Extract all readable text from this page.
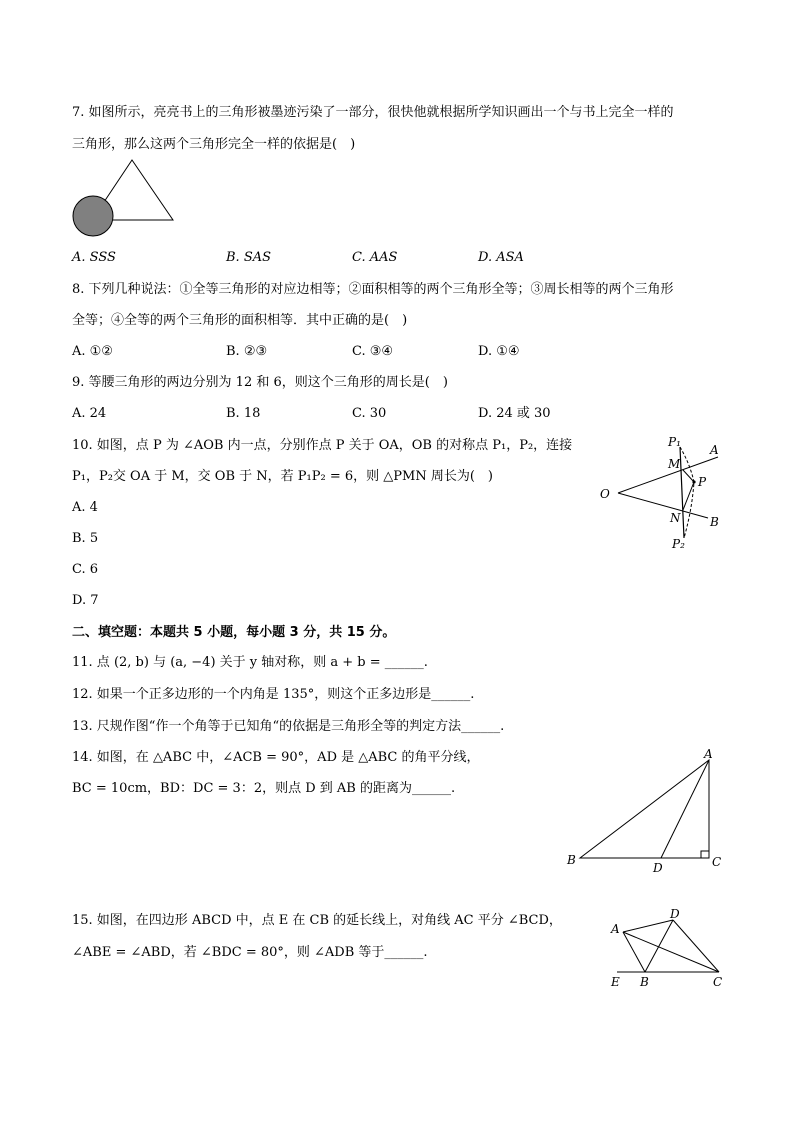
7. 如图所示，亮亮书上的三角形被墨迹污染了一部分，很快他就根据所学知识画出一个与书上完全一样的
三角形，那么这两个三角形完全一样的依据是(　)
A. SSS	B. SAS	C. AAS	D. ASA
8. 下列几种说法：①全等三角形的对应边相等；②面积相等的两个三角形全等；③周长相等的两个三角形
全等；④全等的两个三角形的面积相等．其中正确的是(　)
A. ①②	B. ②③	C. ③④	D. ①④
9. 等腰三角形的两边分别为 12 和 6，则这个三角形的周长是(　)
A. 24	B. 18	C. 30	D. 24 或 30
10. 如图，点 P 为 ∠AOB 内一点，分别作点 P 关于 OA，OB 的对称点 P₁，P₂，连接
P₁，P₂交 OA 于 M，交 OB 于 N，若 P₁P₂ = 6，则 △PMN 周长为(　)
A. 4
B. 5
C. 6
D. 7
O
A
B
P
M
N
P₁
P₂
二、填空题：本题共 5 小题，每小题 3 分，共 15 分。
11. 点 (2, b) 与 (a, −4) 关于 y 轴对称，则 a + b = ______.
12. 如果一个正多边形的一个内角是 135°，则这个正多边形是______.
13. 尺规作图“作一个角等于已知角“的依据是三角形全等的判定方法______.
14. 如图，在 △ABC 中，∠ACB = 90°，AD 是 △ABC 的角平分线，
BC = 10cm，BD：DC = 3：2，则点 D 到 AB 的距离为______.
A
B	C
D
15. 如图，在四边形 ABCD 中，点 E 在 CB 的延长线上，对角线 AC 平分 ∠BCD，
∠ABE = ∠ABD，若 ∠BDC = 80°，则 ∠ADB 等于______.
A
D
E B	C
